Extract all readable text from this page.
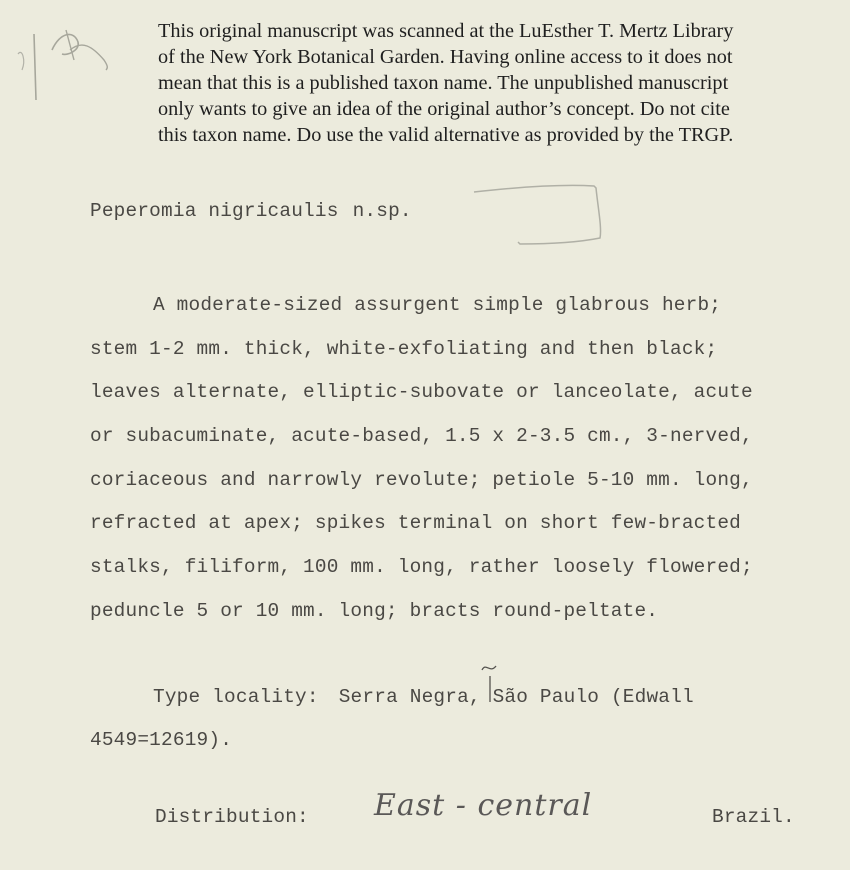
This original manuscript was scanned at the LuEsther T. Mertz Library

of the New York Botanical Garden. Having online access to it does not

mean that this is a published taxon name. The unpublished manuscript

only wants to give an idea of the original author’s concept. Do not cite

this taxon name. Do use the valid alternative as provided by the TRGP.

Peperomia nigricaulis n.sp.
A moderate-sized assurgent simple glabrous herb;
stem 1-2 mm. thick, white-exfoliating and then black;
leaves alternate, elliptic-subovate or lanceolate, acute
or subacuminate, acute-based, 1.5 x 2-3.5 cm., 3-nerved,
coriaceous and narrowly revolute; petiole 5-10 mm. long,
refracted at apex; spikes terminal on short few-bracted
stalks, filiform, 100 mm. long, rather loosely flowered;
peduncle 5 or 10 mm. long; bracts round-peltate.
Type locality: Serra Negra, São Paulo (Edwall
4549=12619).
Distribution: East - central	Brazil.
